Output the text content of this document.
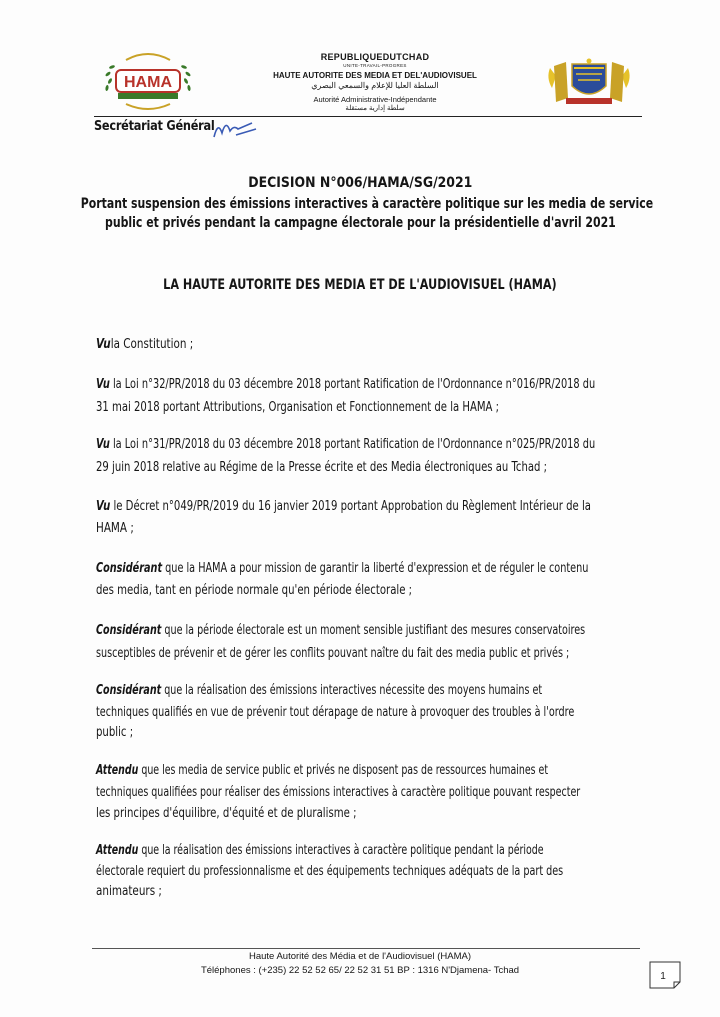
HAMA
REPUBLIQUEDUTCHAD
UNITE-TRAVAIL-PROGRES
HAUTE AUTORITE DES MEDIA ET DEL'AUDIOVISUEL
السلطة العليا للإعلام والسمعي البصري
Autorité Administrative-Indépendante
سلطة إدارية مستقلة
Secrétariat Général
DECISION N°006/HAMA/SG/2021
Portant suspension des émissions interactives à caractère politique sur les media de service
public et privés pendant la campagne électorale pour la présidentielle d'avril 2021
LA HAUTE AUTORITE DES MEDIA ET DE L'AUDIOVISUEL (HAMA)
Vula Constitution ;
Vu la Loi n°32/PR/2018 du 03 décembre 2018 portant Ratification de l'Ordonnance n°016/PR/2018 du
31 mai 2018 portant Attributions, Organisation et Fonctionnement de la HAMA ;
Vu la Loi n°31/PR/2018 du 03 décembre 2018 portant Ratification de l'Ordonnance n°025/PR/2018 du
29 juin 2018 relative au Régime de la Presse écrite et des Media électroniques au Tchad ;
Vu le Décret n°049/PR/2019 du 16 janvier 2019 portant Approbation du Règlement Intérieur de la
HAMA ;
Considérant que la HAMA a pour mission de garantir la liberté d'expression et de réguler le contenu
des media, tant en période normale qu'en période électorale ;
Considérant que la période électorale est un moment sensible justifiant des mesures conservatoires
susceptibles de prévenir et de gérer les conflits pouvant naître du fait des media public et privés ;
Considérant que la réalisation des émissions interactives nécessite des moyens humains et
techniques qualifiés en vue de prévenir tout dérapage de nature à provoquer des troubles à l'ordre
public ;
Attendu que les media de service public et privés ne disposent pas de ressources humaines et
techniques qualifiées pour réaliser des émissions interactives à caractère politique pouvant respecter
les principes d'équilibre, d'équité et de pluralisme ;
Attendu que la réalisation des émissions interactives à caractère politique pendant la période
électorale requiert du professionnalisme et des équipements techniques adéquats de la part des
animateurs ;
Haute Autorité des Média et de l'Audiovisuel (HAMA)
Téléphones : (+235) 22 52 52 65/ 22 52 31 51 BP : 1316 N'Djamena- Tchad
1
